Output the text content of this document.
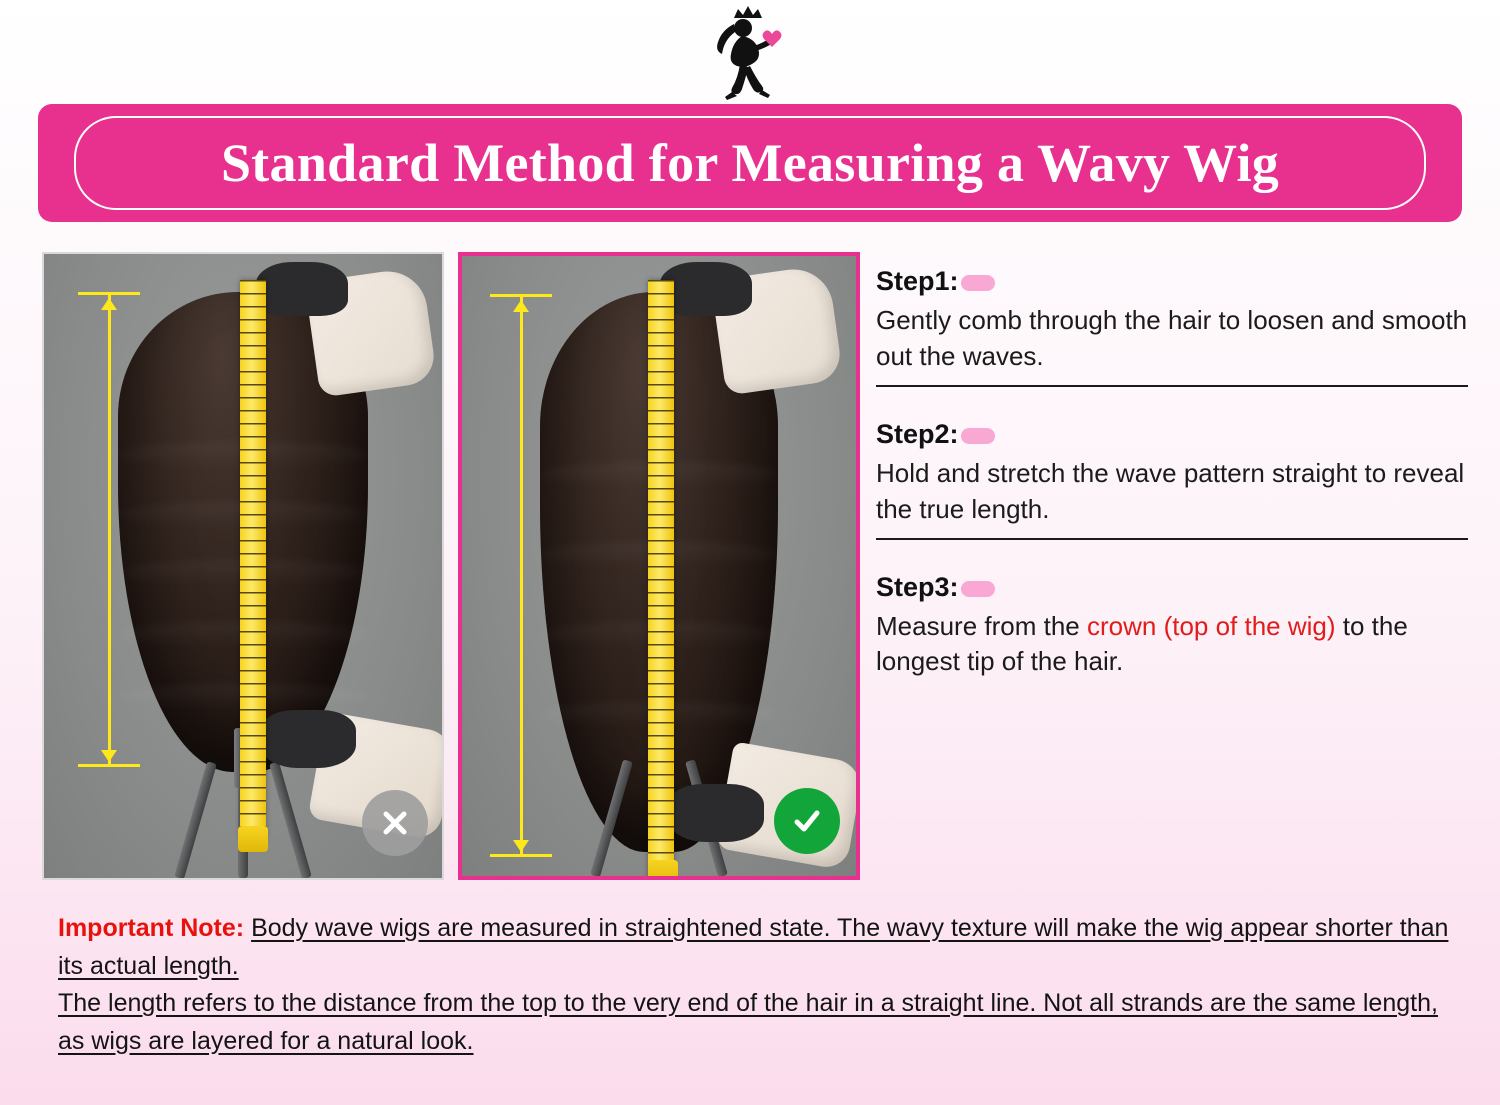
Standard Method for Measuring a Wavy Wig
Step1:
Gently comb through the hair to loosen and smooth out the waves.
Step2:
Hold and stretch the wave pattern straight to reveal the true length.
Step3:
Measure from the crown (top of the wig) to the longest tip of the hair.
Important Note: Body wave wigs are measured in straightened state. The wavy texture will make the wig appear shorter than its actual length.
The length refers to the distance from the top to the very end of the hair in a straight line. Not all strands are the same length, as wigs are layered for a natural look.
